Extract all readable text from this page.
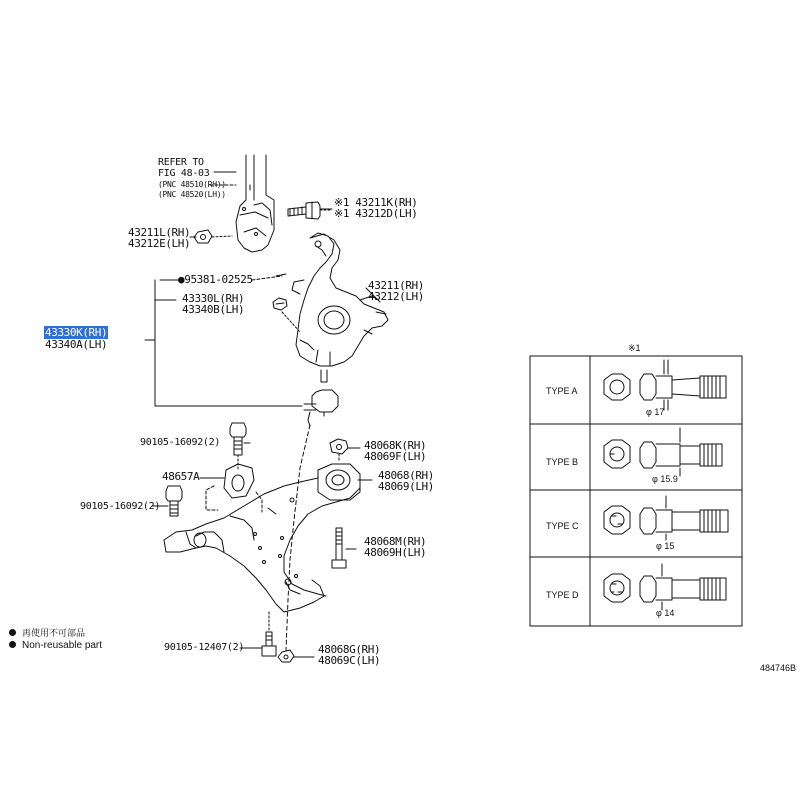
REFER TO
FIG 48-03
(PNC 48510(RH))
(PNC 48520(LH))
※1 43211K(RH)
※1 43212D(LH)
43211L(RH)
43212E(LH)
●95381-02525	43211(RH)
43212(LH)
43330L(RH)
43340B(LH)
43330K(RH)
43340A(LH)
90105-16092(2)	48068K(RH)
48069F(LH)
48657A	48068(RH)
48069(LH)
90105-16092(2)
48068M(RH)
48069H(LH)
90105-12407(2)	48068G(RH)
48069C(LH)
再使用不可部品
Non-reusable part
※1
TYPE A
φ 17
TYPE B
φ 15.9
TYPE C
φ 15
TYPE D
φ 14
484746B
